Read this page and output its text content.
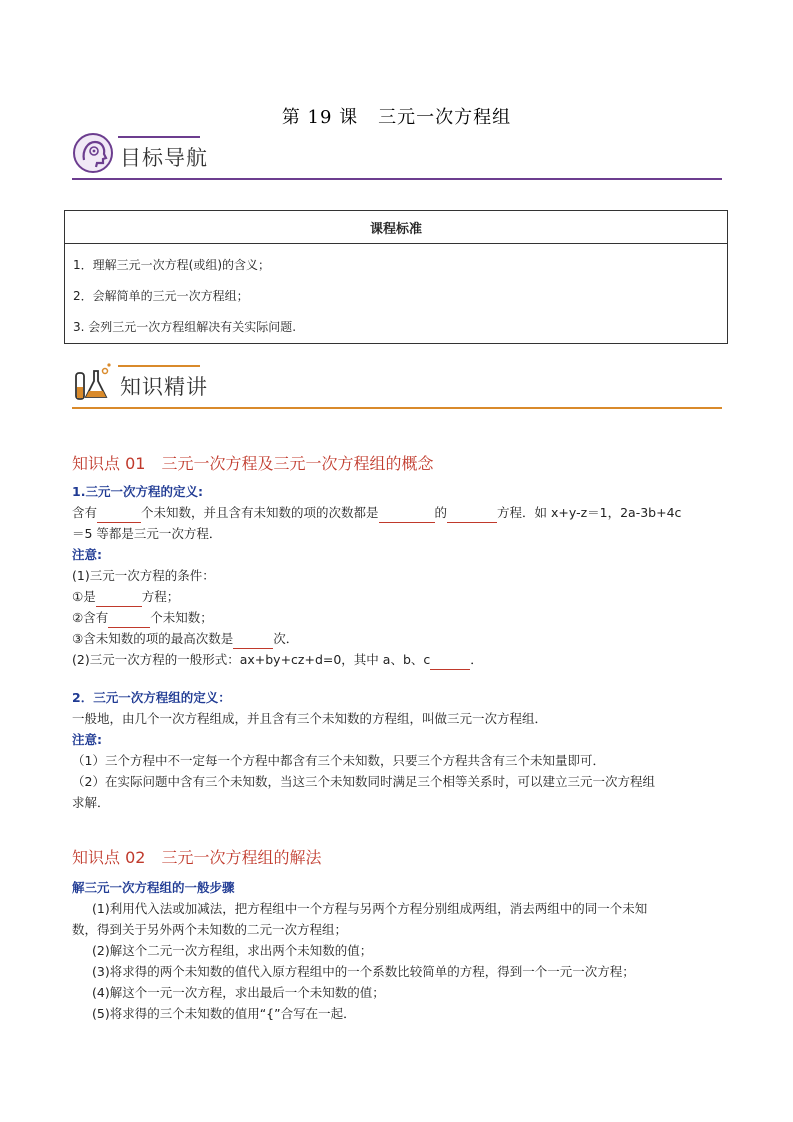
第 19 课 三元一次方程组
目标导航
课程标准

1．理解三元一次方程(或组)的含义；
2．会解简单的三元一次方程组；
3. 会列三元一次方程组解决有关实际问题.
知识精讲
知识点 01 三元一次方程及三元一次方程组的概念
1.三元一次方程的定义:
含有	个未知数，并且含有未知数的项的次数都是	的	方程．如 x+y-z＝1，2a-3b+4c
＝5 等都是三元一次方程．
注意:
(1)三元一次方程的条件：
①是	方程；
②含有	个未知数；
③含未知数的项的最高次数是	次．
(2)三元一次方程的一般形式：ax+by+cz+d=0，其中 a、b、c	．
2．三元一次方程组的定义：
一般地，由几个一次方程组成，并且含有三个未知数的方程组，叫做三元一次方程组．
注意:
（1）三个方程中不一定每一个方程中都含有三个未知数，只要三个方程共含有三个未知量即可．
（2）在实际问题中含有三个未知数，当这三个未知数同时满足三个相等关系时，可以建立三元一次方程组
求解．
知识点 02 三元一次方程组的解法
解三元一次方程组的一般步骤
(1)利用代入法或加减法，把方程组中一个方程与另两个方程分别组成两组，消去两组中的同一个未知
数，得到关于另外两个未知数的二元一次方程组；
(2)解这个二元一次方程组，求出两个未知数的值；
(3)将求得的两个未知数的值代入原方程组中的一个系数比较简单的方程，得到一个一元一次方程；
(4)解这个一元一次方程，求出最后一个未知数的值；
(5)将求得的三个未知数的值用“{”合写在一起．
